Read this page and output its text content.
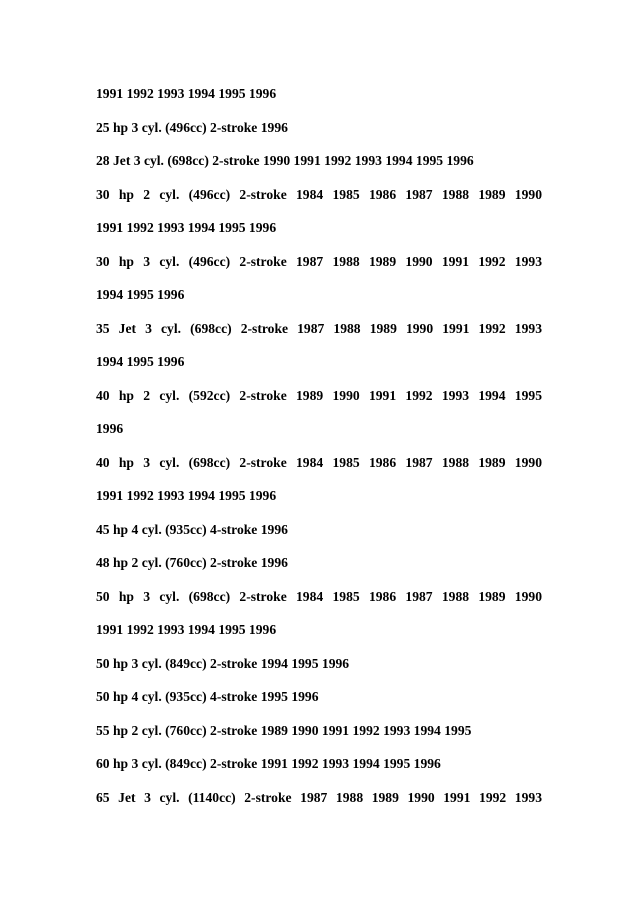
1991 1992 1993 1994 1995 1996
25 hp 3 cyl. (496cc) 2-stroke 1996
28 Jet 3 cyl. (698cc) 2-stroke 1990 1991 1992 1993 1994 1995 1996
30 hp 2 cyl. (496cc) 2-stroke 1984 1985 1986 1987 1988 1989 1990
1991 1992 1993 1994 1995 1996
30 hp 3 cyl. (496cc) 2-stroke 1987 1988 1989 1990 1991 1992 1993
1994 1995 1996
35 Jet 3 cyl. (698cc) 2-stroke 1987 1988 1989 1990 1991 1992 1993
1994 1995 1996
40 hp 2 cyl. (592cc) 2-stroke 1989 1990 1991 1992 1993 1994 1995
1996
40 hp 3 cyl. (698cc) 2-stroke 1984 1985 1986 1987 1988 1989 1990
1991 1992 1993 1994 1995 1996
45 hp 4 cyl. (935cc) 4-stroke 1996
48 hp 2 cyl. (760cc) 2-stroke 1996
50 hp 3 cyl. (698cc) 2-stroke 1984 1985 1986 1987 1988 1989 1990
1991 1992 1993 1994 1995 1996
50 hp 3 cyl. (849cc) 2-stroke 1994 1995 1996
50 hp 4 cyl. (935cc) 4-stroke 1995 1996
55 hp 2 cyl. (760cc) 2-stroke 1989 1990 1991 1992 1993 1994 1995
60 hp 3 cyl. (849cc) 2-stroke 1991 1992 1993 1994 1995 1996
65 Jet 3 cyl. (1140cc) 2-stroke 1987 1988 1989 1990 1991 1992 1993
